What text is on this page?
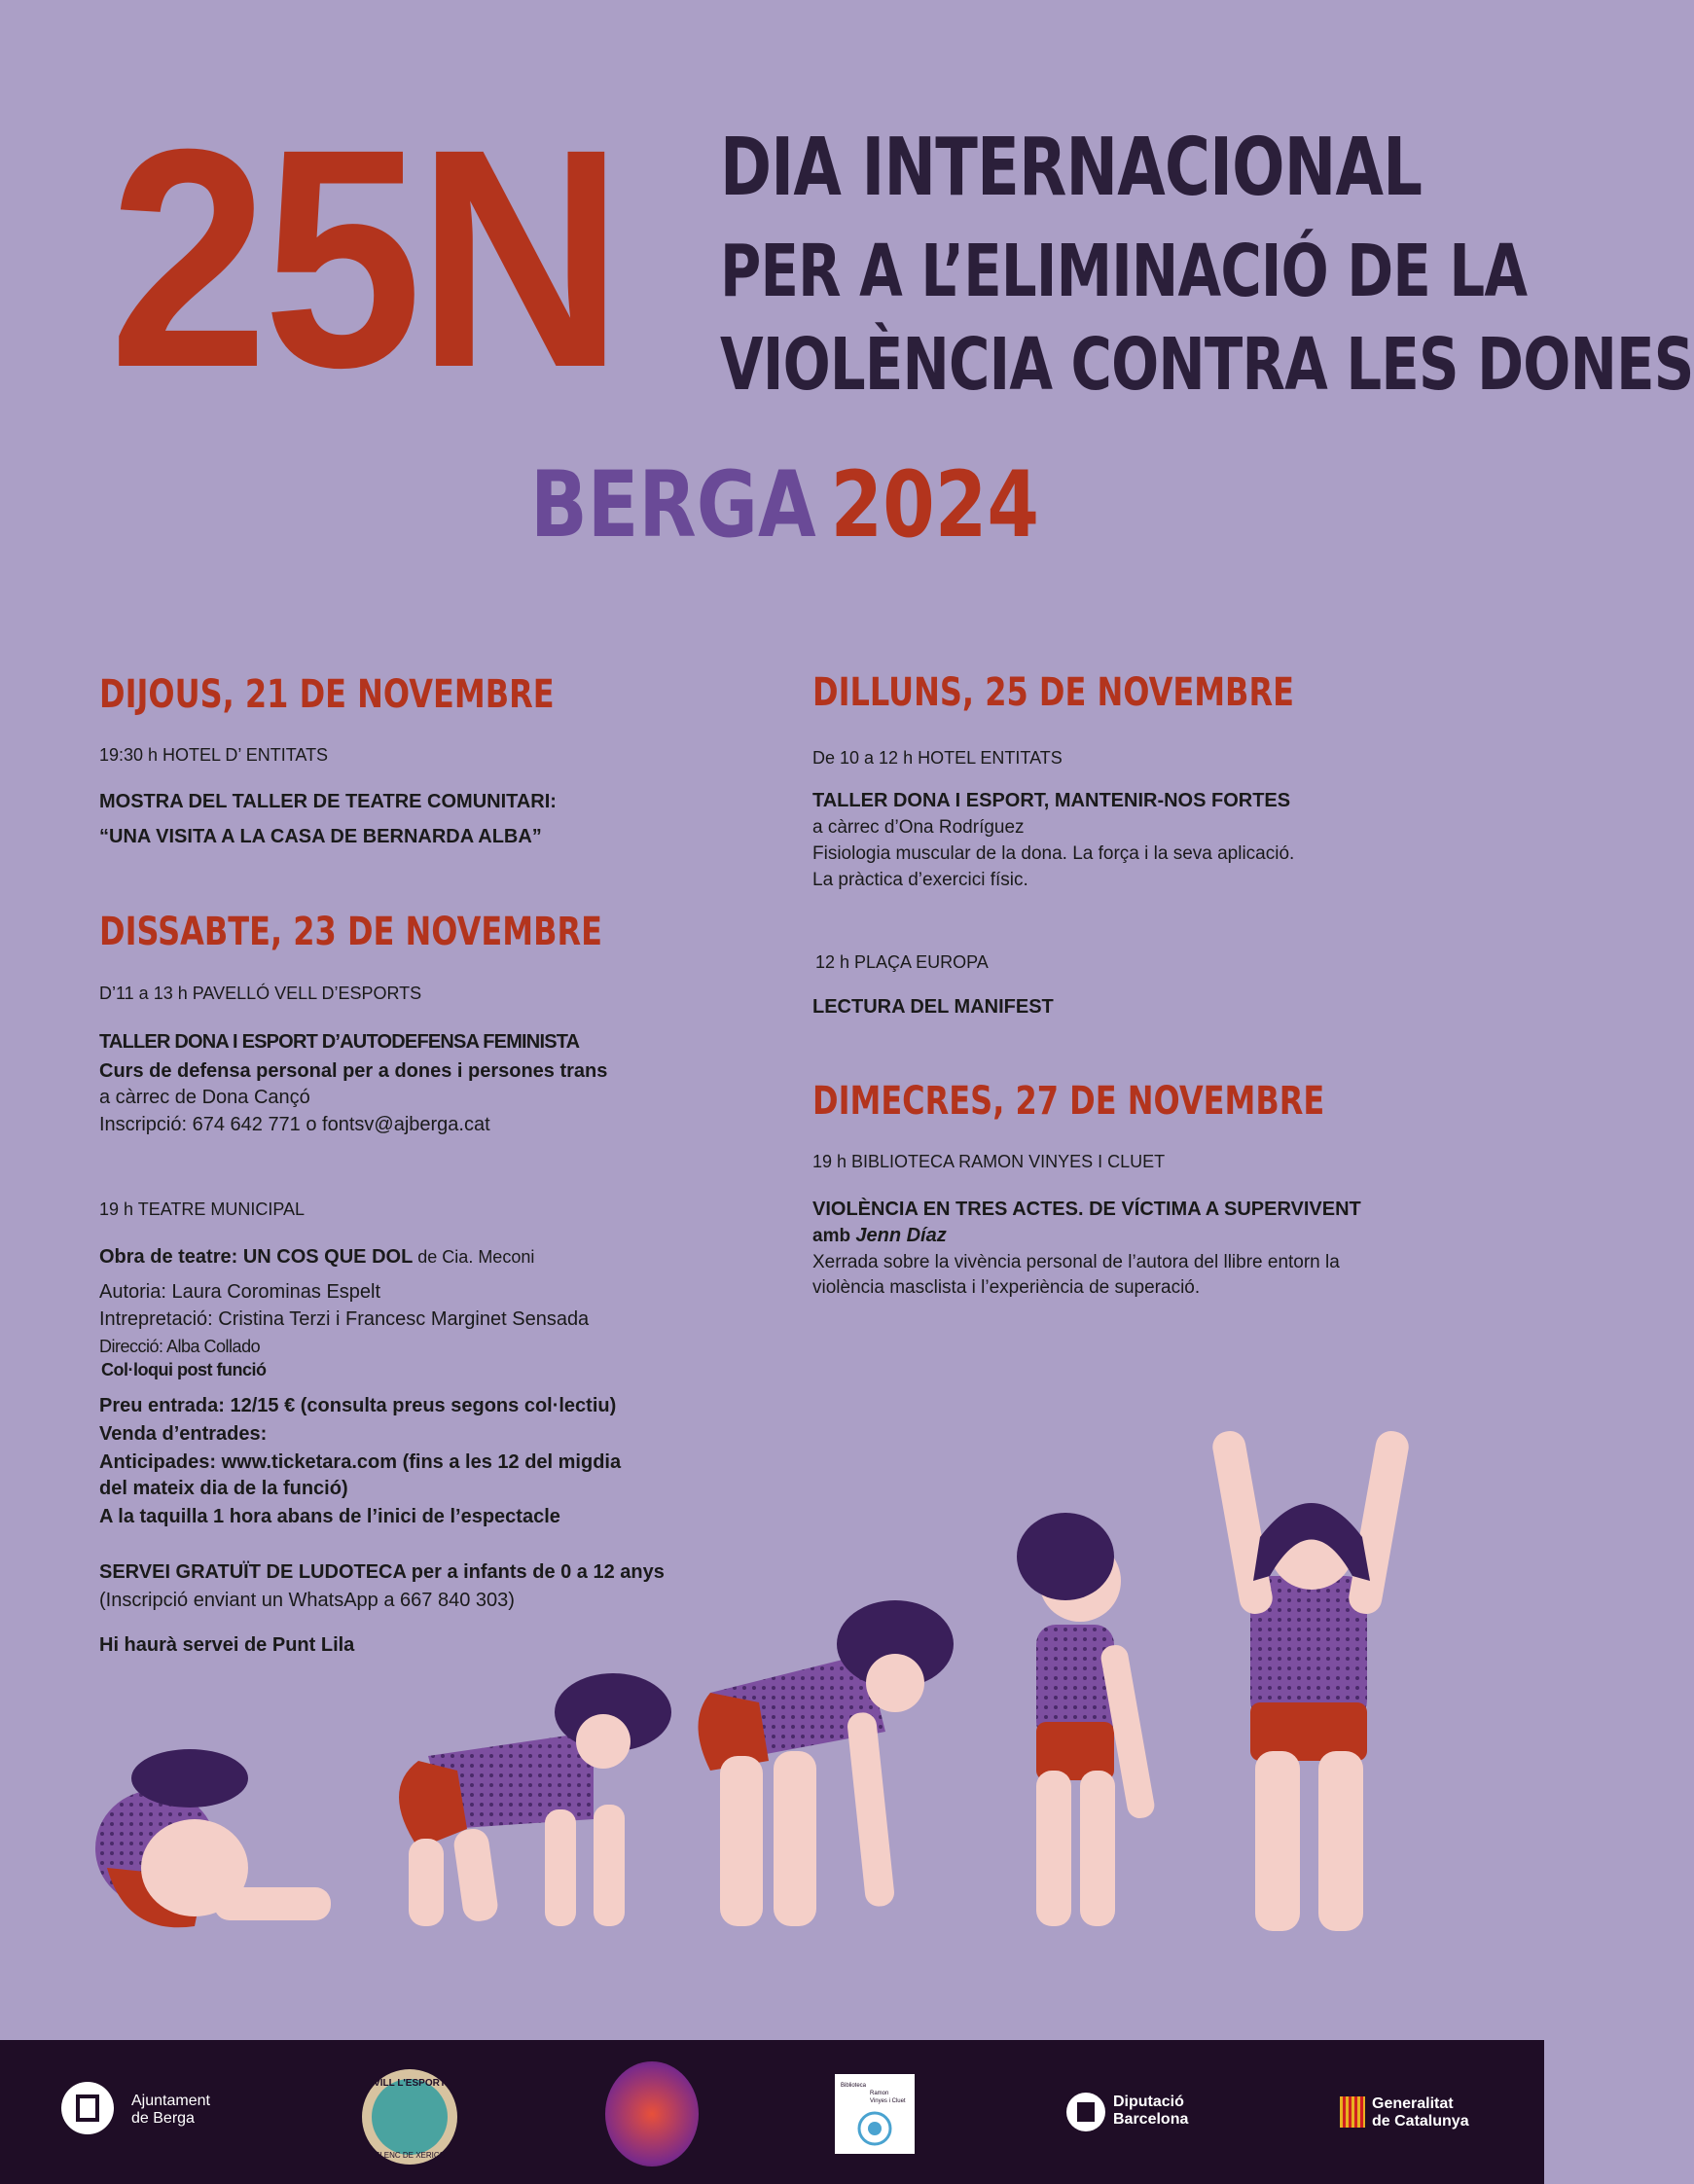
25N DIA INTERNACIONAL
PER A L’ELIMINACIÓ DE LA
VIOLÈNCIA CONTRA LES DONES
BERGA 2024
DIJOUS, 21 DE NOVEMBRE
19:30 h HOTEL D’ ENTITATS
MOSTRA DEL TALLER DE TEATRE COMUNITARI:
“UNA VISITA A LA CASA DE BERNARDA ALBA”
DISSABTE, 23 DE NOVEMBRE
D’11 a 13 h PAVELLÓ VELL D’ESPORTS
TALLER DONA I ESPORT D’AUTODEFENSA FEMINISTA
Curs de defensa personal per a dones i persones trans
a càrrec de Dona Cançó
Inscripció: 674 642 771 o fontsv@ajberga.cat
19 h TEATRE MUNICIPAL
Obra de teatre: UN COS QUE DOL de Cia. Meconi
Autoria: Laura Corominas Espelt
Intrepretació: Cristina Terzi i Francesc Marginet Sensada
Direcció: Alba Collado
Col·loqui post funció
Preu entrada: 12/15 € (consulta preus segons col·lectiu)
Venda d’entrades:
Anticipades: www.ticketara.com (fins a les 12 del migdia
del mateix dia de la funció)
A la taquilla 1 hora abans de l’inici de l’espectacle
SERVEI GRATUÏT DE LUDOTECA per a infants de 0 a 12 anys
(Inscripció enviant un WhatsApp a 667 840 303)
Hi haurà servei de Punt Lila
DILLUNS, 25 DE NOVEMBRE
De 10 a 12 h HOTEL ENTITATS
TALLER DONA I ESPORT, MANTENIR-NOS FORTES
a càrrec d’Ona Rodríguez
Fisiologia muscular de la dona. La força i la seva aplicació.
La pràctica d’exercici físic.
12 h PLAÇA EUROPA
LECTURA DEL MANIFEST
DIMECRES, 27 DE NOVEMBRE
19 h BIBLIOTECA RAMON VINYES I CLUET
VIOLÈNCIA EN TRES ACTES. DE VÍCTIMA A SUPERVIVENT
amb Jenn Díaz
Xerrada sobre la vivència personal de l’autora del llibre entorn la
violència masclista i l’experiència de superació.
Ajuntament
de Berga
VILL L'ESPORT
ELENC DE XERICS
Biblioteca
Ramon
Vinyes i Cluet	Diputació
Barcelona
Generalitat
de Catalunya
